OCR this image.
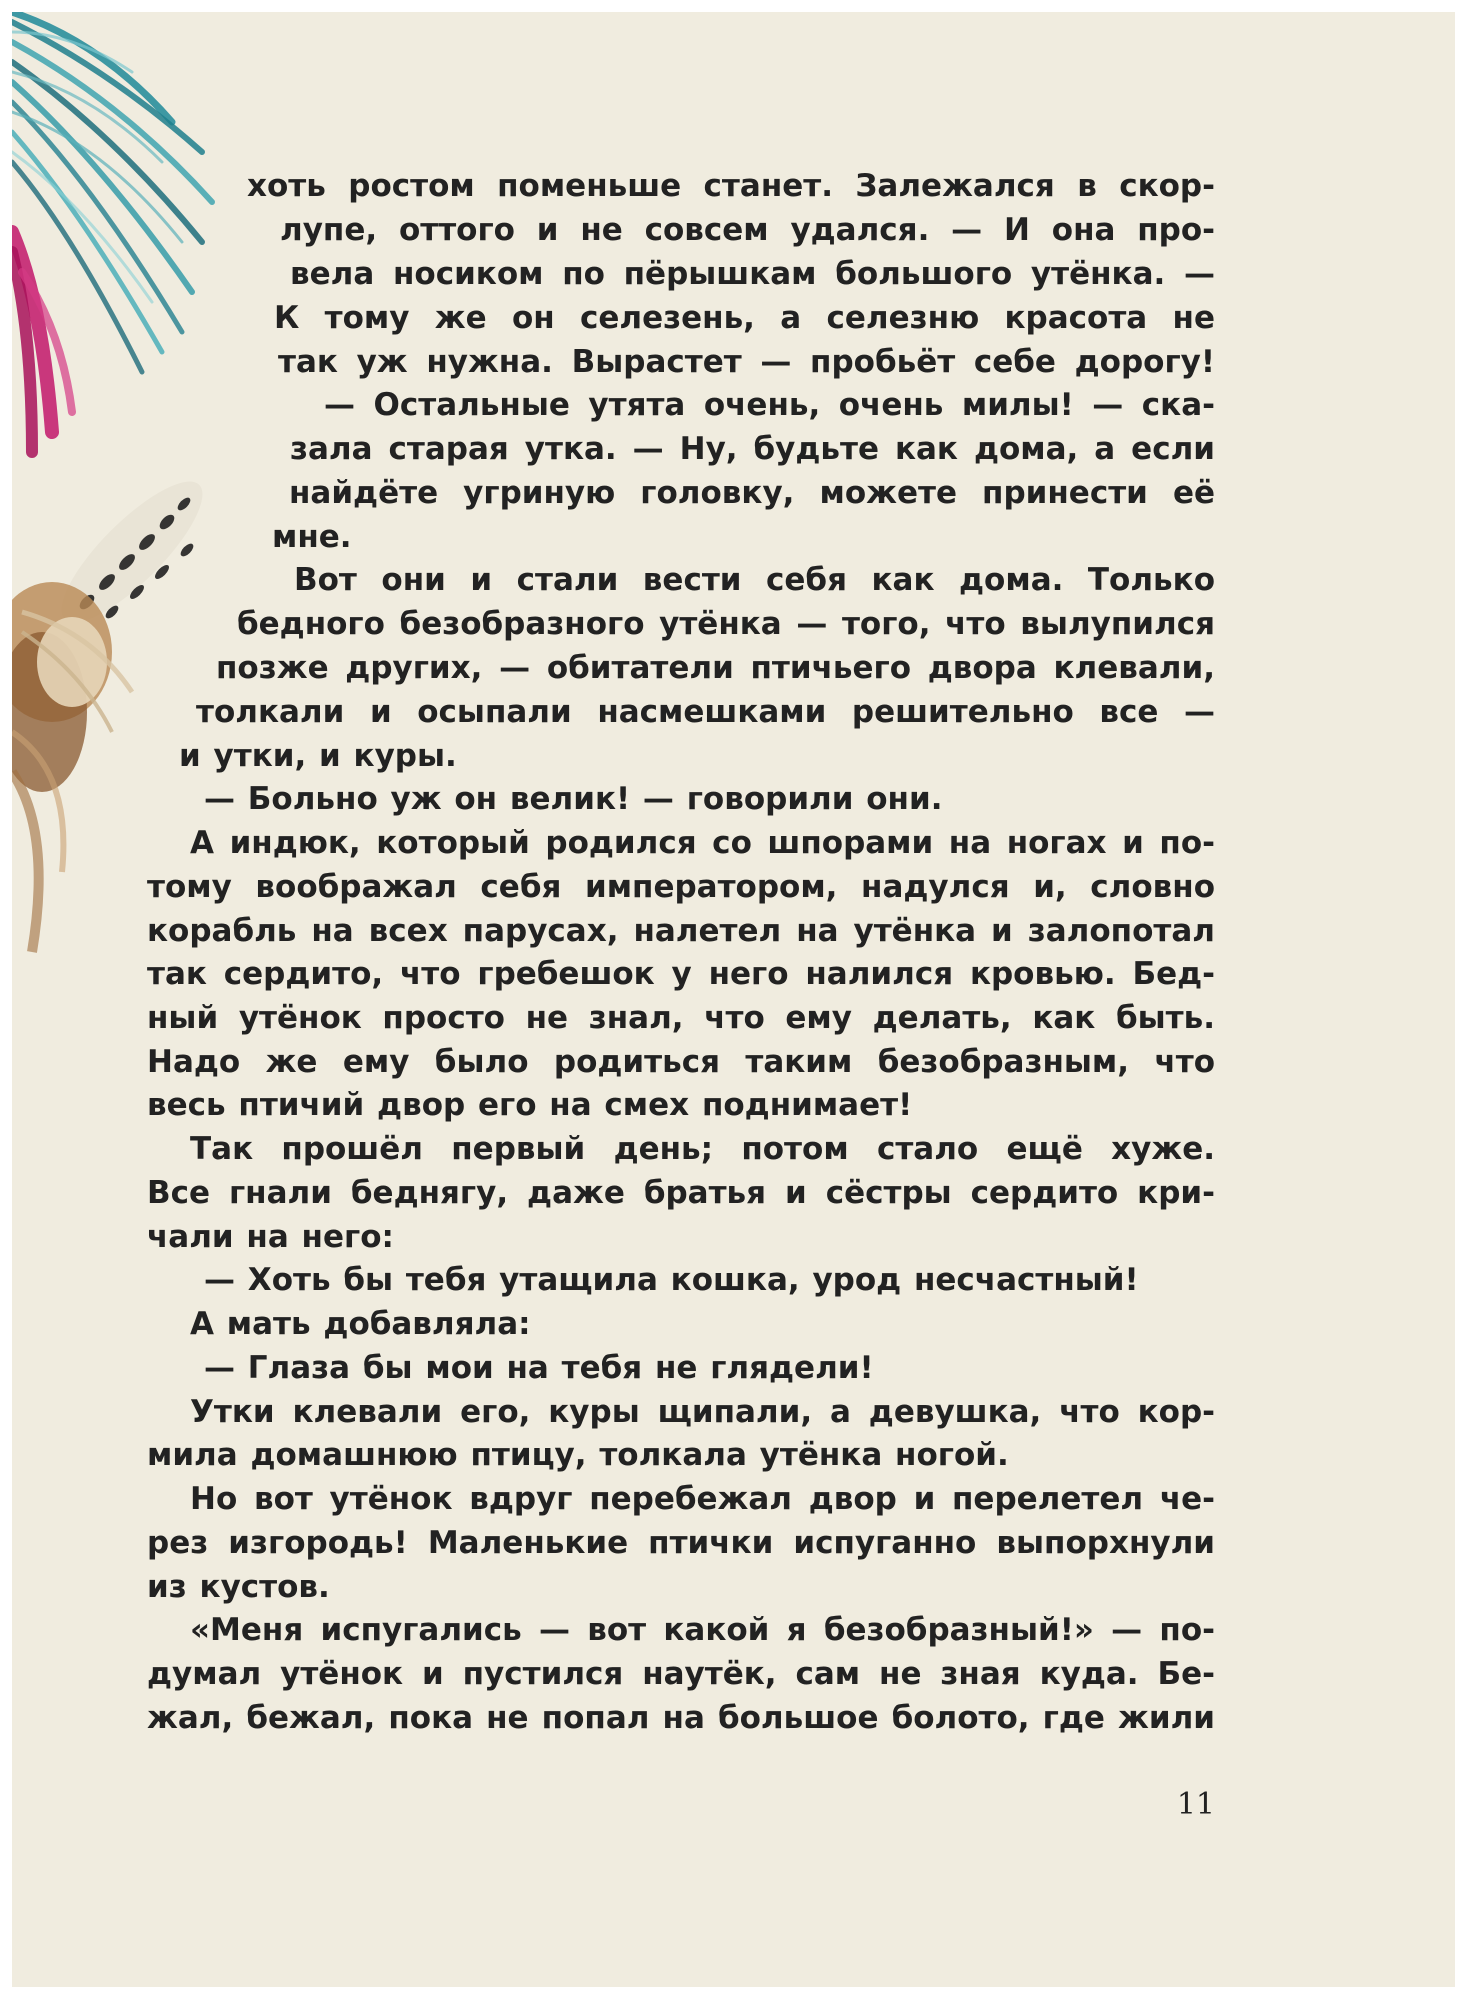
хоть ростом поменьше станет. Залежался в скор-
лупе, оттого и не совсем удался. — И она про-
вела носиком по пёрышкам большого утёнка. —
К тому же он селезень, а селезню красота не
так уж нужна. Вырастет — пробьёт себе дорогу!
— Остальные утята очень, очень милы! — ска-
зала старая утка. — Ну, будьте как дома, а если
найдёте угриную головку, можете принести её
мне.
Вот они и стали вести себя как дома. Только
бедного безобразного утёнка — того, что вылупился
позже других, — обитатели птичьего двора клевали,
толкали и осыпали насмешками решительно все —
и утки, и куры.
— Больно уж он велик! — говорили они.
А индюк, который родился со шпорами на ногах и по-
тому воображал себя императором, надулся и, словно
корабль на всех парусах, налетел на утёнка и залопотал
так сердито, что гребешок у него налился кровью. Бед-
ный утёнок просто не знал, что ему делать, как быть.
Надо же ему было родиться таким безобразным, что
весь птичий двор его на смех поднимает!
Так прошёл первый день; потом стало ещё хуже.
Все гнали беднягу, даже братья и сёстры сердито кри-
чали на него:
— Хоть бы тебя утащила кошка, урод несчастный!
А мать добавляла:
— Глаза бы мои на тебя не глядели!
Утки клевали его, куры щипали, а девушка, что кор-
мила домашнюю птицу, толкала утёнка ногой.
Но вот утёнок вдруг перебежал двор и перелетел че-
рез изгородь! Маленькие птички испуганно выпорхнули
из кустов.
«Меня испугались — вот какой я безобразный!» — по-
думал утёнок и пустился наутёк, сам не зная куда. Бе-
жал, бежал, пока не попал на большое болото, где жили
11
